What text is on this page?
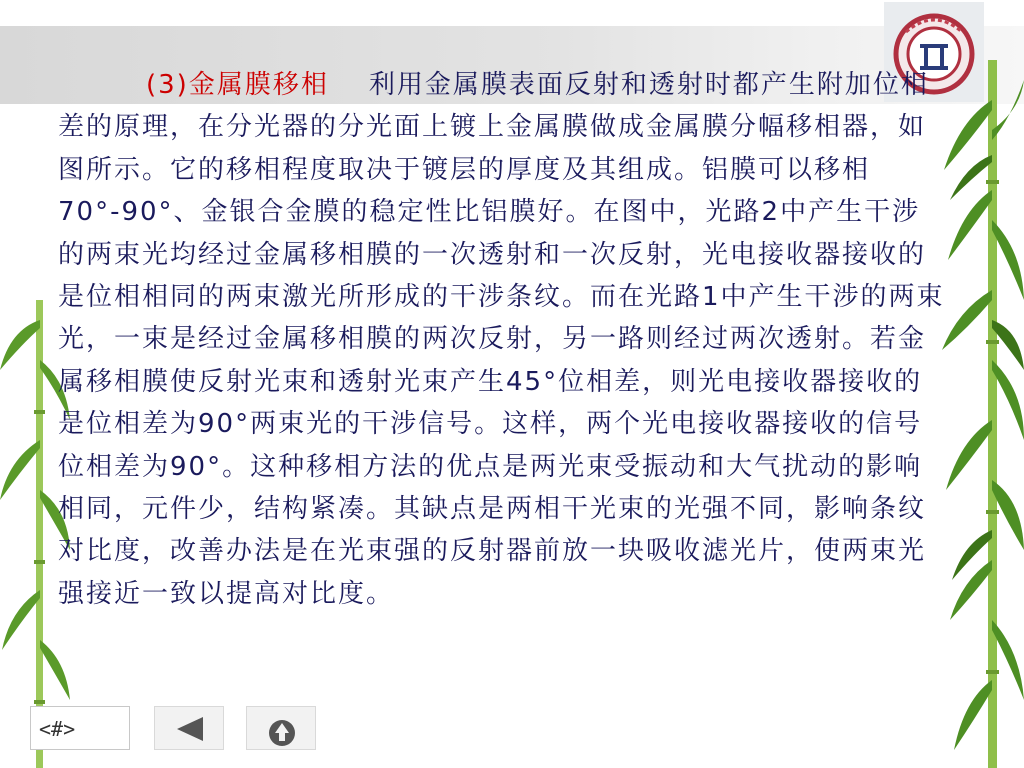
(3)金属膜移相 利用金属膜表面反射和透射时都产生附加位相差的原理，在分光器的分光面上镀上金属膜做成金属膜分幅移相器，如图所示。它的移相程度取决于镀层的厚度及其组成。铝膜可以移相70°-90°、金银合金膜的稳定性比铝膜好。在图中，光路2中产生干涉的两束光均经过金属移相膜的一次透射和一次反射，光电接收器接收的是位相相同的两束激光所形成的干涉条纹。而在光路1中产生干涉的两束光，一束是经过金属移相膜的两次反射，另一路则经过两次透射。若金属移相膜使反射光束和透射光束产生45°位相差，则光电接收器接收的是位相差为90°两束光的干涉信号。这样，两个光电接收器接收的信号位相差为90°。这种移相方法的优点是两光束受振动和大气扰动的影响相同，元件少，结构紧凑。其缺点是两相干光束的光强不同，影响条纹对比度，改善办法是在光束强的反射器前放一块吸收滤光片，使两束光强接近一致以提高对比度。
<#>
